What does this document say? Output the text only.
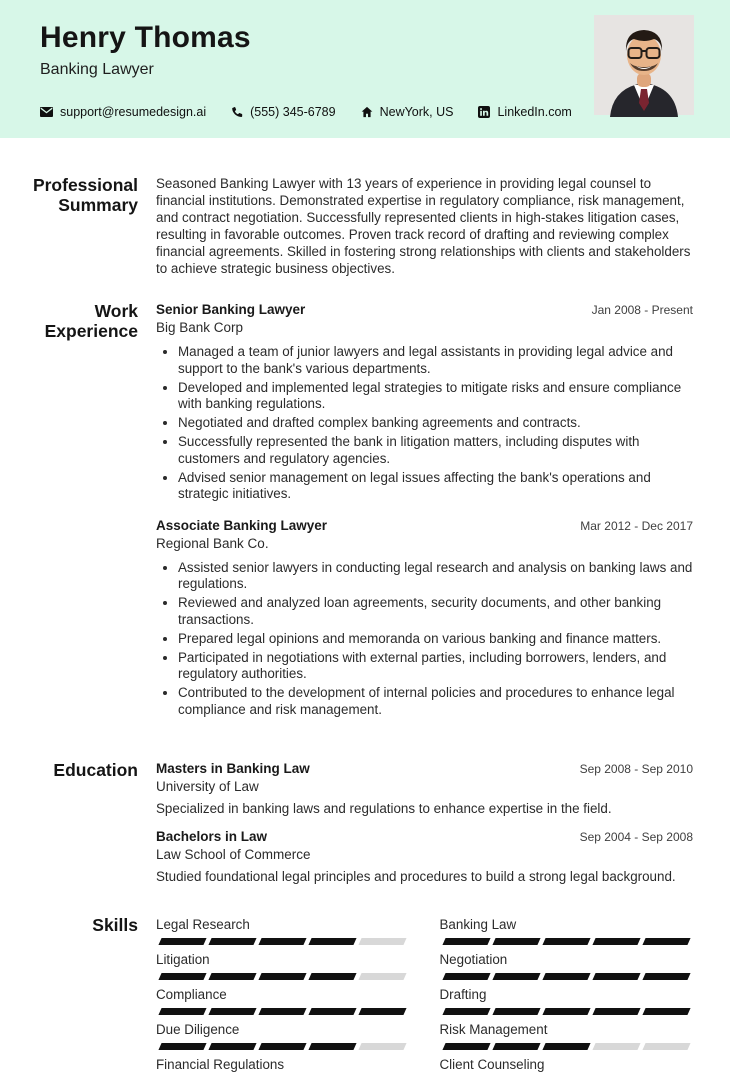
Henry Thomas
Banking Lawyer
support@resumedesign.ai	(555) 345-6789	NewYork, US	LinkedIn.com
Professional Summary

Seasoned Banking Lawyer with 13 years of experience in providing legal counsel to financial institutions. Demonstrated expertise in regulatory compliance, risk management, and contract negotiation. Successfully represented clients in high-stakes litigation cases, resulting in favorable outcomes. Proven track record of drafting and reviewing complex financial agreements. Skilled in fostering strong relationships with clients and stakeholders to achieve strategic business objectives.

Work Experience
Senior Banking Lawyer	Jan 2008 - Present
Big Bank Corp
• Managed a team of junior lawyers and legal assistants in providing legal advice and support to the bank's various departments.
• Developed and implemented legal strategies to mitigate risks and ensure compliance with banking regulations.
• Negotiated and drafted complex banking agreements and contracts.
• Successfully represented the bank in litigation matters, including disputes with customers and regulatory agencies.
• Advised senior management on legal issues affecting the bank's operations and strategic initiatives.
Associate Banking Lawyer	Mar 2012 - Dec 2017
Regional Bank Co.
• Assisted senior lawyers in conducting legal research and analysis on banking laws and regulations.
• Reviewed and analyzed loan agreements, security documents, and other banking transactions.
• Prepared legal opinions and memoranda on various banking and finance matters.
• Participated in negotiations with external parties, including borrowers, lenders, and regulatory authorities.
• Contributed to the development of internal policies and procedures to enhance legal compliance and risk management.
Education Masters in Banking Law	Sep 2008 - Sep 2010
University of Law
Specialized in banking laws and regulations to enhance expertise in the field.
Bachelors in Law	Sep 2004 - Sep 2008
Law School of Commerce
Studied foundational legal principles and procedures to build a strong legal background.
Skills Legal Research
Litigation
Compliance
Due Diligence
Financial Regulations
Banking Law
Negotiation
Drafting
Risk Management
Client Counseling
